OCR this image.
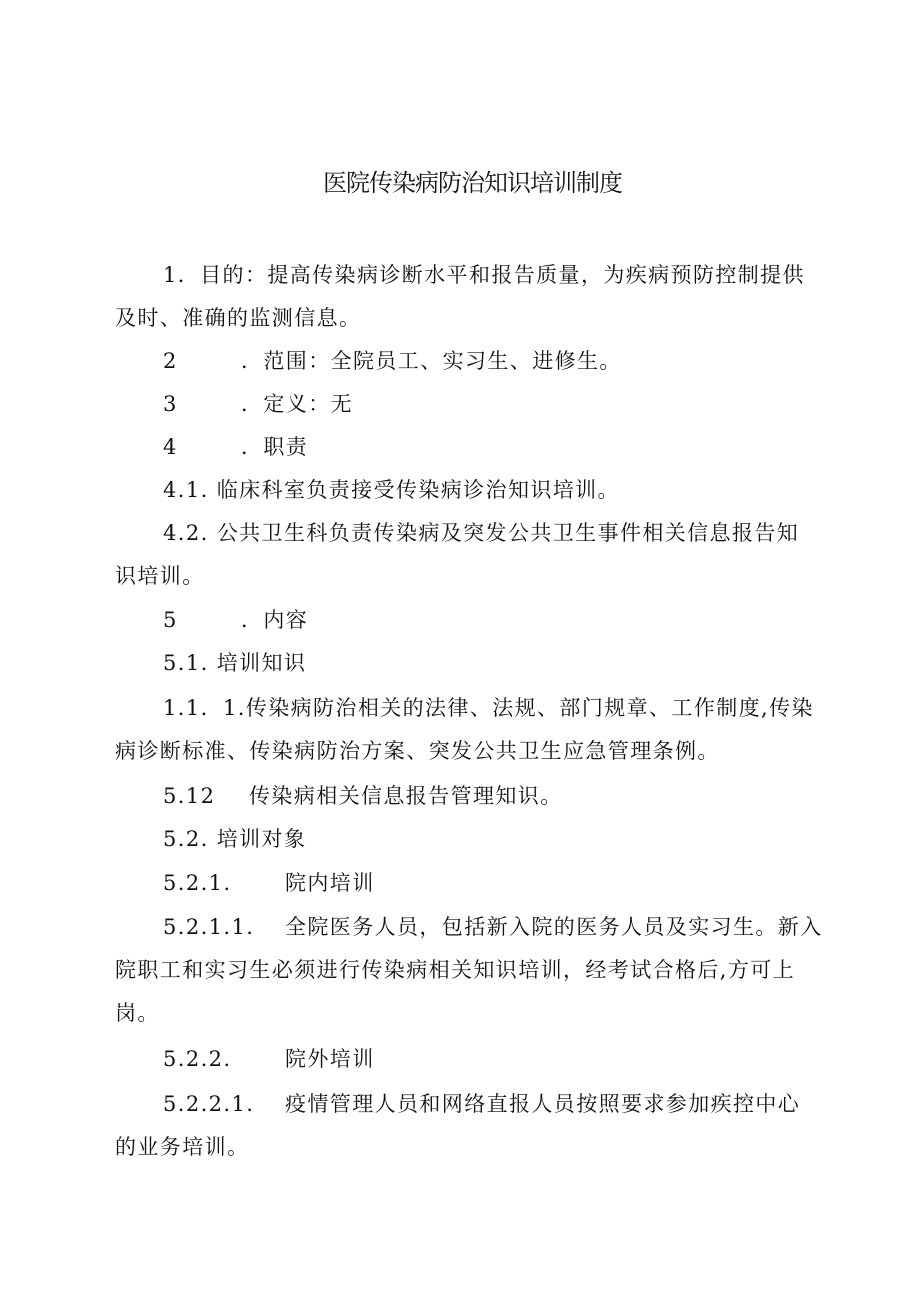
医院传染病防治知识培训制度
1．目的：提高传染病诊断水平和报告质量，为疾病预防控制提供
及时、准确的监测信息。
2	．范围：全院员工、实习生、进修生。
3	．定义：无
4	．职责
4.1. 临床科室负责接受传染病诊治知识培训。
4.2. 公共卫生科负责传染病及突发公共卫生事件相关信息报告知
识培训。
5	．内容
5.1. 培训知识
1.1．1.传染病防治相关的法律、法规、部门规章、工作制度,传染
病诊断标准、传染病防治方案、突发公共卫生应急管理条例。
5.12 传染病相关信息报告管理知识。
5.2. 培训对象
5.2.1.	院内培训
5.2.1.1. 全院医务人员，包括新入院的医务人员及实习生。新入
院职工和实习生必须进行传染病相关知识培训，经考试合格后,方可上
岗。
5.2.2.	院外培训
5.2.2.1. 疫情管理人员和网络直报人员按照要求参加疾控中心
的业务培训。
